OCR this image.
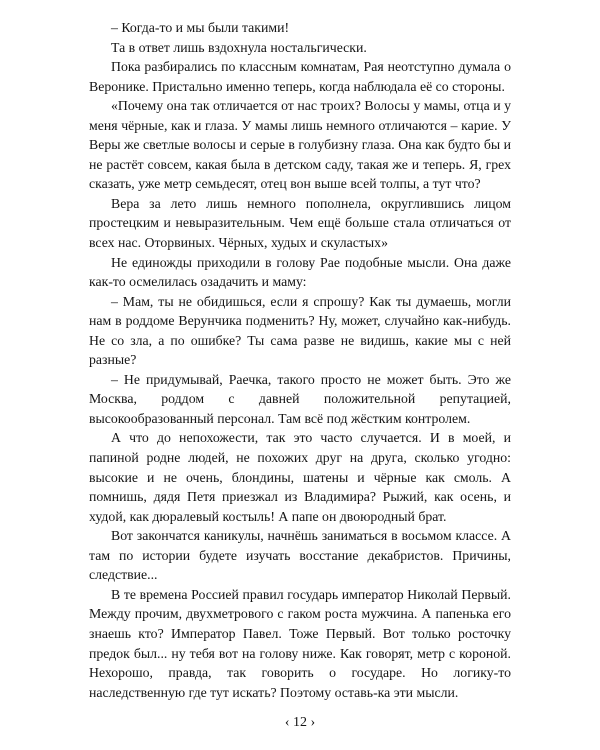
– Когда-то и мы были такими!

Та в ответ лишь вздохнула ностальгически.

Пока разбирались по классным комнатам, Рая неотступно думала о Веронике. Пристально именно теперь, когда наблюдала её со стороны.

«Почему она так отличается от нас троих? Волосы у мамы, отца и у меня чёрные, как и глаза. У мамы лишь немного отличаются – карие. У Веры же светлые волосы и серые в голубизну глаза. Она как будто бы и не растёт совсем, какая была в детском саду, такая же и теперь. Я, грех сказать, уже метр семьдесят, отец вон выше всей толпы, а тут что?

Вера за лето лишь немного пополнела, округлившись лицом простецким и невыразительным. Чем ещё больше стала отличаться от всех нас. Оторвиных. Чёрных, худых и скуластых»

Не единожды приходили в голову Рае подобные мысли. Она даже как-то осмелилась озадачить и маму:

– Мам, ты не обидишься, если я спрошу? Как ты думаешь, могли нам в роддоме Верунчика подменить? Ну, может, случайно как-нибудь. Не со зла, а по ошибке? Ты сама разве не видишь, какие мы с ней разные?

– Не придумывай, Раечка, такого просто не может быть. Это же Москва, роддом с давней положительной репутацией, высокообразованный персонал. Там всё под жёстким контролем.

А что до непохожести, так это часто случается. И в моей, и папиной родне людей, не похожих друг на друга, сколько угодно: высокие и не очень, блондины, шатены и чёрные как смоль. А помнишь, дядя Петя приезжал из Владимира? Рыжий, как осень, и худой, как дюралевый костыль! А папе он двоюродный брат.

Вот закончатся каникулы, начнёшь заниматься в восьмом классе. А там по истории будете изучать восстание декабристов. Причины, следствие...

В те времена Россией правил государь император Николай Первый. Между прочим, двухметрового с гаком роста мужчина. А папенька его знаешь кто? Император Павел. Тоже Первый. Вот только росточку предок был... ну тебя вот на голову ниже. Как говорят, метр с короной. Нехорошо, правда, так говорить о государе. Но логику-то наследственную где тут искать? Поэтому оставь-ка эти мысли.

‹ 12 ›
